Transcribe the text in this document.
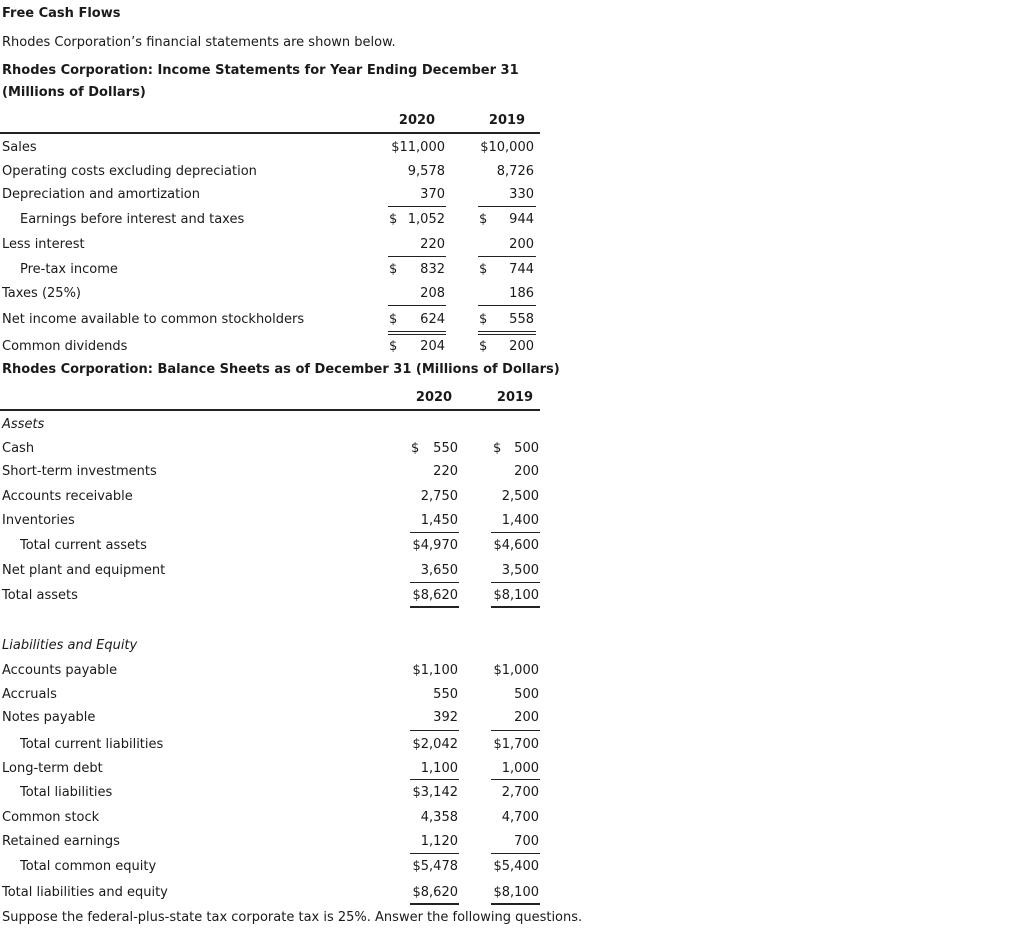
Free Cash Flows
Rhodes Corporation’s financial statements are shown below.
Rhodes Corporation: Income Statements for Year Ending December 31
(Millions of Dollars)
2020	2019
Sales	$11,000	$10,000
Operating costs excluding depreciation	9,578	8,726
Depreciation and amortization	370	330
Earnings before interest and taxes	$ 1,052	$	944
Less interest	220	200
Pre-tax income	$	832	$	744
Taxes (25%)	208	186
Net income available to common stockholders	$	624	$	558
Common dividends	$	204	$	200
Rhodes Corporation: Balance Sheets as of December 31 (Millions of Dollars)
2020	2019
Assets
Cash	$	550	$ 500
Short-term investments	220	200
Accounts receivable	2,750	2,500
Inventories	1,450	1,400
Total current assets	$4,970	$4,600
Net plant and equipment	3,650	3,500
Total assets	$8,620	$8,100
Liabilities and Equity
Accounts payable	$1,100	$1,000
Accruals	550	500
Notes payable	392	200
Total current liabilities	$2,042	$1,700
Long-term debt	1,100	1,000
Total liabilities	$3,142	2,700
Common stock	4,358	4,700
Retained earnings	1,120	700
Total common equity	$5,478	$5,400
Total liabilities and equity	$8,620	$8,100
Suppose the federal-plus-state tax corporate tax is 25%. Answer the following questions.
